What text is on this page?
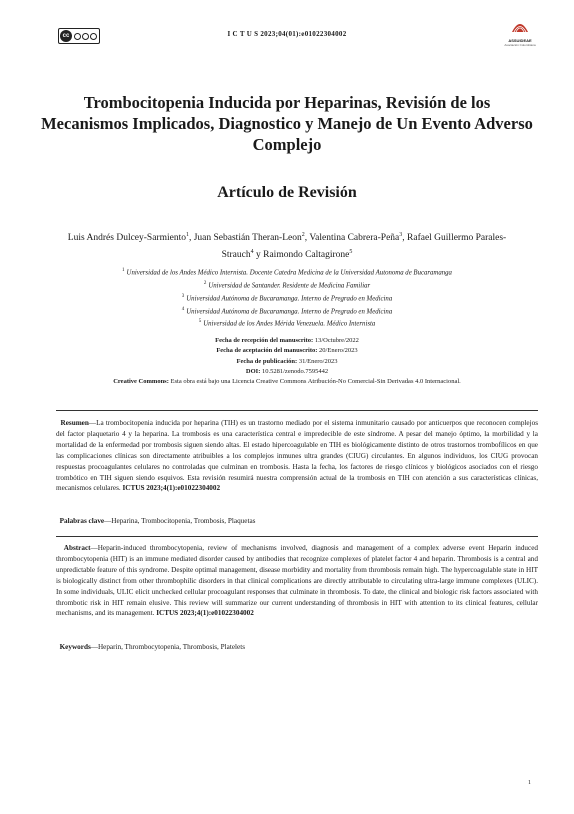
cc	I C T U S 2023;04(01):e01022304002
ASSUIDEAE
Asociación Colombiana
Trombocitopenia Inducida por Heparinas, Revisión de los Mecanismos Implicados, Diagnostico y Manejo de Un Evento Adverso Complejo
Artículo de Revisión
Luis Andrés Dulcey-Sarmiento$^1$, Juan Sebastián Theran-Leon$^2$, Valentina Cabrera-Peña$^3$, Rafael Guillermo Parales-Strauch$^4$ y Raimondo Caltagirone$^5$
$^1$ Universidad de los Andes Médico Internista. Docente Catedra Medicina de la Universidad Autonoma de Bucaramanga
$^2$ Universidad de Santander. Residente de Medicina Familiar
$^3$ Universidad Autónoma de Bucaramanga. Interno de Pregrado en Medicina
$^4$ Universidad Autónoma de Bucaramanga. Interno de Pregrado en Medicina
$^5$ Universidad de los Andes Mérida Venezuela. Médico Internista
Fecha de recepción del manuscrito: 13/Octubre/2022
Fecha de aceptación del manuscrito: 20/Enero/2023
Fecha de publicación: 31/Enero/2023
DOI: 10.5281/zenodo.7595442
Creative Commons: Esta obra está bajo una Licencia Creative Commons Atribución-No Comercial-Sin Derivadas 4.0 Internacional.
Resumen—La trombocitopenia inducida por heparina (TIH) es un trastorno mediado por el sistema inmunitario causado por anticuerpos que reconocen complejos del factor plaquetario 4 y la heparina. La trombosis es una característica central e impredecible de este síndrome. A pesar del manejo óptimo, la morbilidad y la mortalidad de la enfermedad por trombosis siguen siendo altas. El estado hipercoagulable en TIH es biológicamente distinto de otros trastornos trombofílicos en que las complicaciones clínicas son directamente atribuibles a los complejos inmunes ultra grandes (CIUG) circulantes. En algunos individuos, los CIUG provocan respuestas procoagulantes celulares no controladas que culminan en trombosis. Hasta la fecha, los factores de riesgo clínicos y biológicos asociados con el riesgo trombótico en TIH siguen siendo esquivos. Esta revisión resumirá nuestra comprensión actual de la trombosis en TIH con atención a sus características clínicas, mecanismos celulares. ICTUS 2023;4(1):e01022304002
Palabras clave—Heparina, Trombocitopenia, Trombosis, Plaquetas
Abstract—Heparin-induced thrombocytopenia, review of mechanisms involved, diagnosis and management of a complex adverse event Heparin induced thrombocytopenia (HIT) is an immune mediated disorder caused by antibodies that recognize complexes of platelet factor 4 and heparin. Thrombosis is a central and unpredictable feature of this syndrome. Despite optimal management, disease morbidity and mortality from thrombosis remain high. The hypercoagulable state in HIT is biologically distinct from other thrombophilic disorders in that clinical complications are directly attributable to circulating ultra-large immune complexes (ULIC). In some individuals, ULIC elicit unchecked cellular procoagulant responses that culminate in thrombosis. To date, the clinical and biologic risk factors associated with thrombotic risk in HIT remain elusive. This review will summarize our current understanding of thrombosis in HIT with attention to its clinical features, cellular mechanisms, and its management. ICTUS 2023;4(1):e01022304002
Keywords—Heparin, Thrombocytopenia, Thrombosis, Platelets
1
